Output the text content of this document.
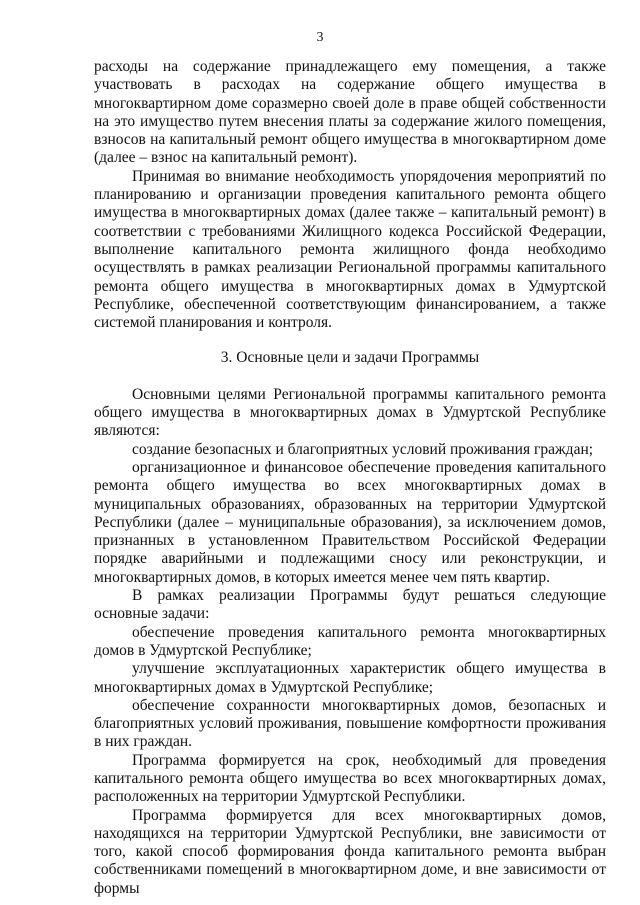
3

расходы на содержание принадлежащего ему помещения, а также участвовать в расходах на содержание общего имущества в многоквартирном доме соразмерно своей доле в праве общей собственности на это имущество путем внесения платы за содержание жилого помещения, взносов на капитальный ремонт общего имущества в многоквартирном доме (далее – взнос на капитальный ремонт).

Принимая во внимание необходимость упорядочения мероприятий по планированию и организации проведения капитального ремонта общего имущества в многоквартирных домах (далее также – капитальный ремонт) в соответствии с требованиями Жилищного кодекса Российской Федерации, выполнение капитального ремонта жилищного фонда необходимо осуществлять в рамках реализации Региональной программы капитального ремонта общего имущества в многоквартирных домах в Удмуртской Республике, обеспеченной соответствующим финансированием, а также системой планирования и контроля.

3. Основные цели и задачи Программы

Основными целями Региональной программы капитального ремонта общего имущества в многоквартирных домах в Удмуртской Республике являются:

создание безопасных и благоприятных условий проживания граждан;

организационное и финансовое обеспечение проведения капитального ремонта общего имущества во всех многоквартирных домах в муниципальных образованиях, образованных на территории Удмуртской Республики (далее – муниципальные образования), за исключением домов, признанных в установленном Правительством Российской Федерации порядке аварийными и подлежащими сносу или реконструкции, и многоквартирных домов, в которых имеется менее чем пять квартир.

В рамках реализации Программы будут решаться следующие основные задачи:

обеспечение проведения капитального ремонта многоквартирных домов в Удмуртской Республике;

улучшение эксплуатационных характеристик общего имущества в многоквартирных домах в Удмуртской Республике;

обеспечение сохранности многоквартирных домов, безопасных и благоприятных условий проживания, повышение комфортности проживания в них граждан.

Программа формируется на срок, необходимый для проведения капитального ремонта общего имущества во всех многоквартирных домах, расположенных на территории Удмуртской Республики.

Программа формируется для всех многоквартирных домов, находящихся на территории Удмуртской Республики, вне зависимости от того, какой способ формирования фонда капитального ремонта выбран собственниками помещений в многоквартирном доме, и вне зависимости от формы
